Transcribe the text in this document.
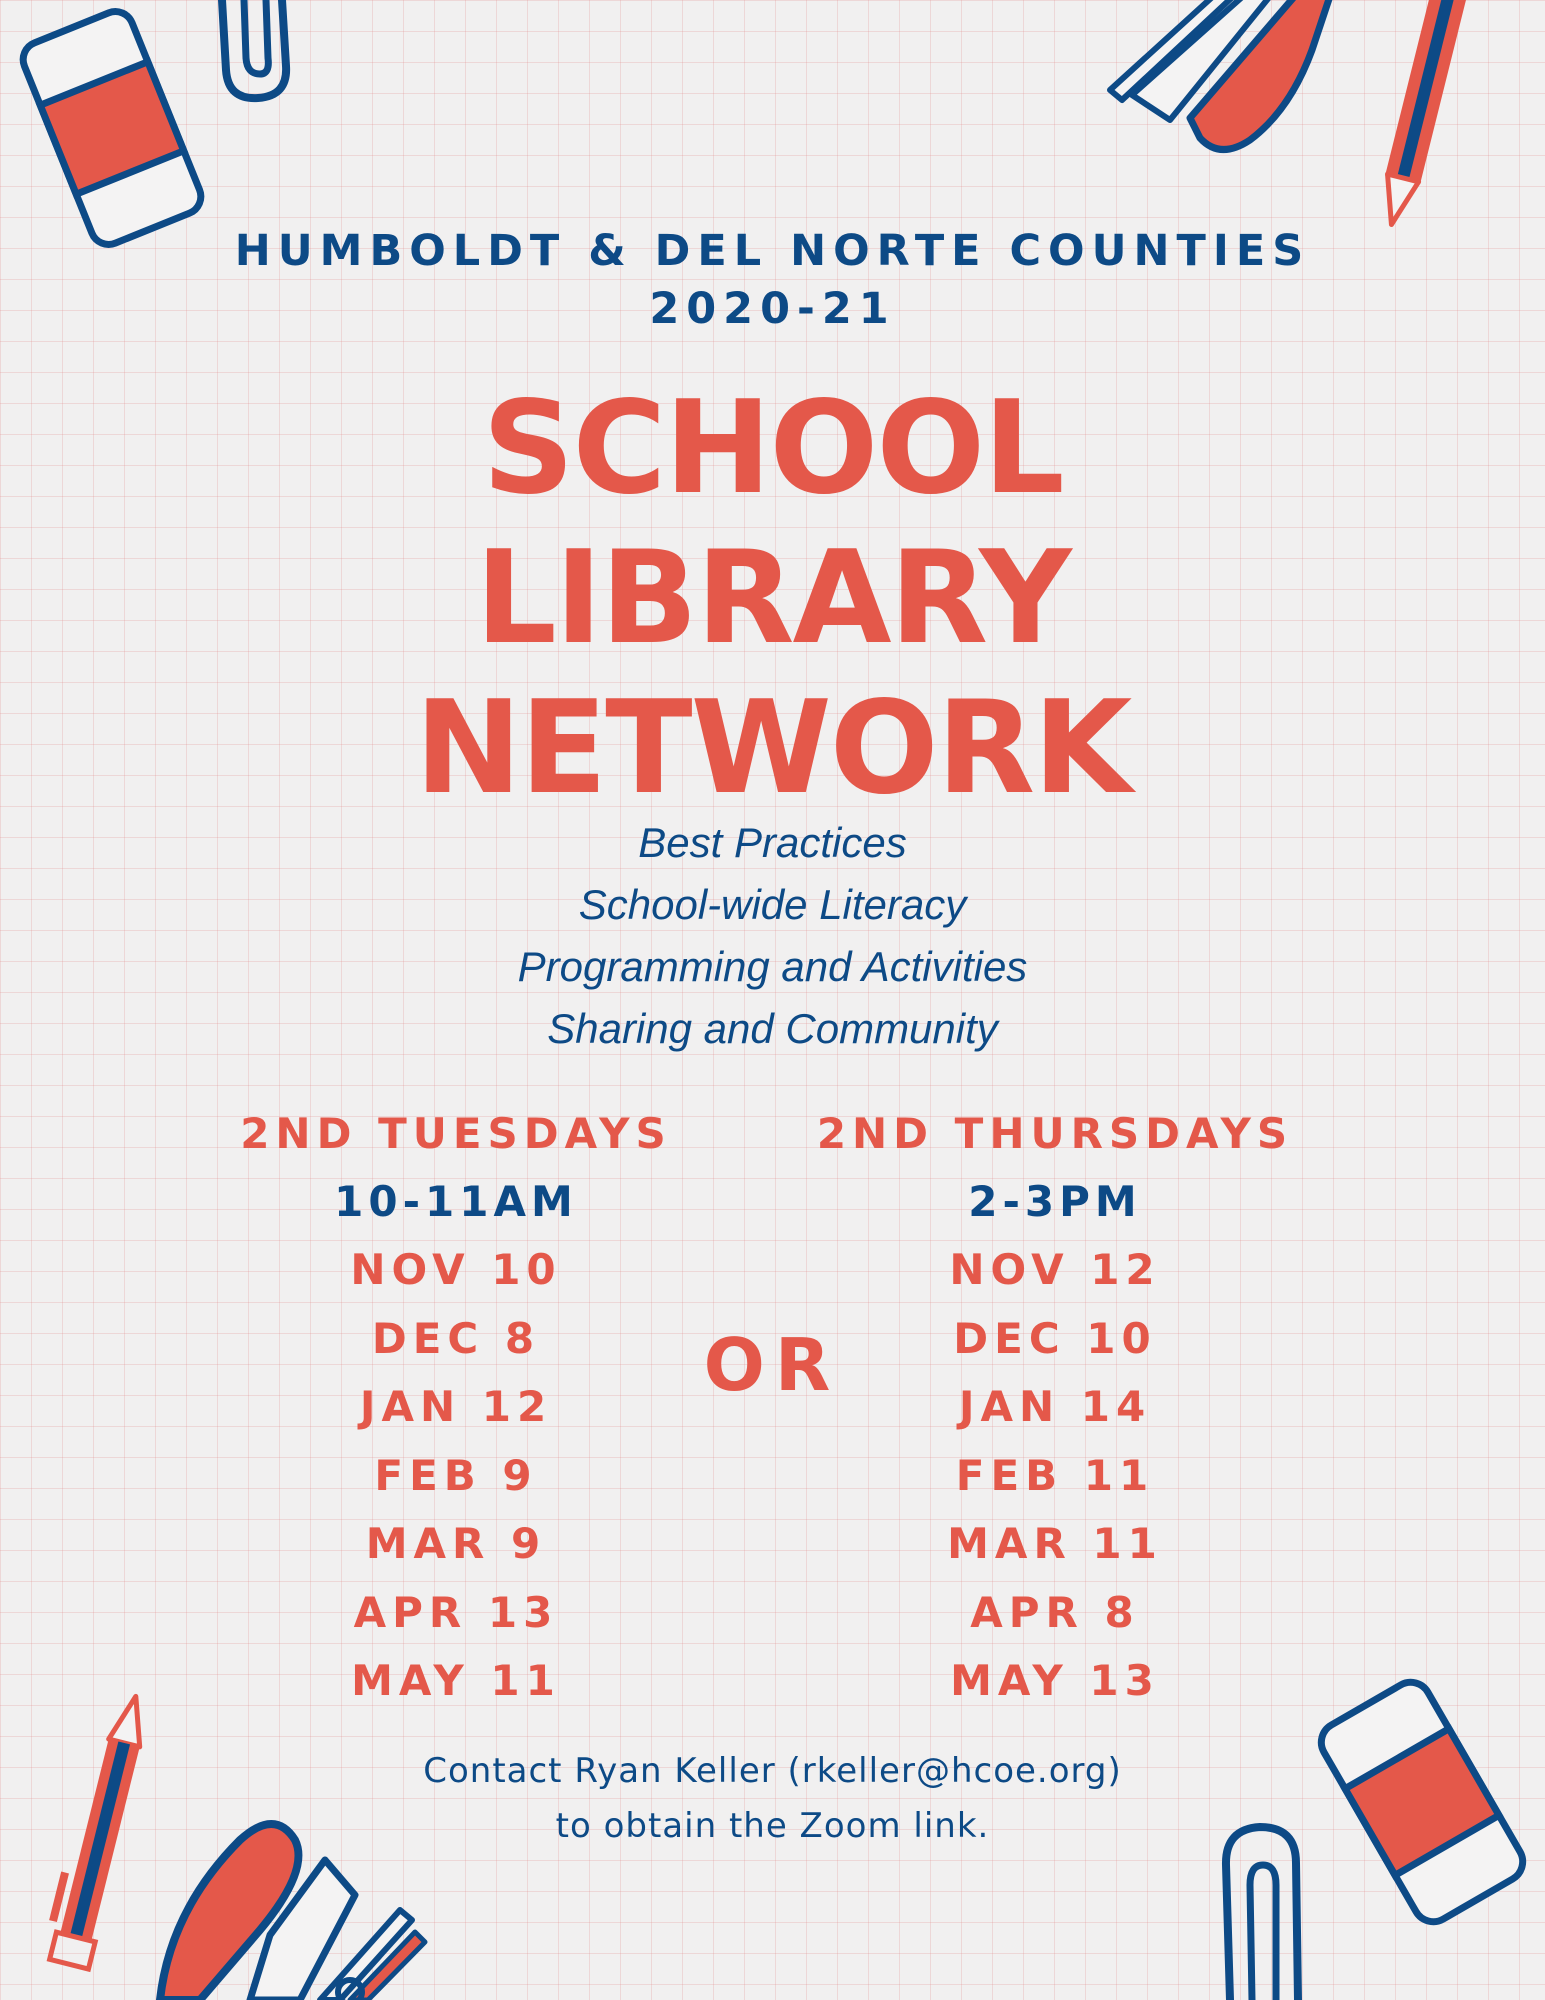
HUMBOLDT & DEL NORTE COUNTIES
2020-21
SCHOOL
LIBRARY
NETWORK
Best Practices
School-wide Literacy
Programming and Activities
Sharing and Community
2ND TUESDAYS
10-11AM
NOV 10
DEC 8
JAN 12
FEB 9
MAR 9
APR 13
MAY 11
OR
2ND THURSDAYS
2-3PM
NOV 12
DEC 10
JAN 14
FEB 11
MAR 11
APR 8
MAY 13
Contact Ryan Keller (rkeller@hcoe.org)
to obtain the Zoom link.
